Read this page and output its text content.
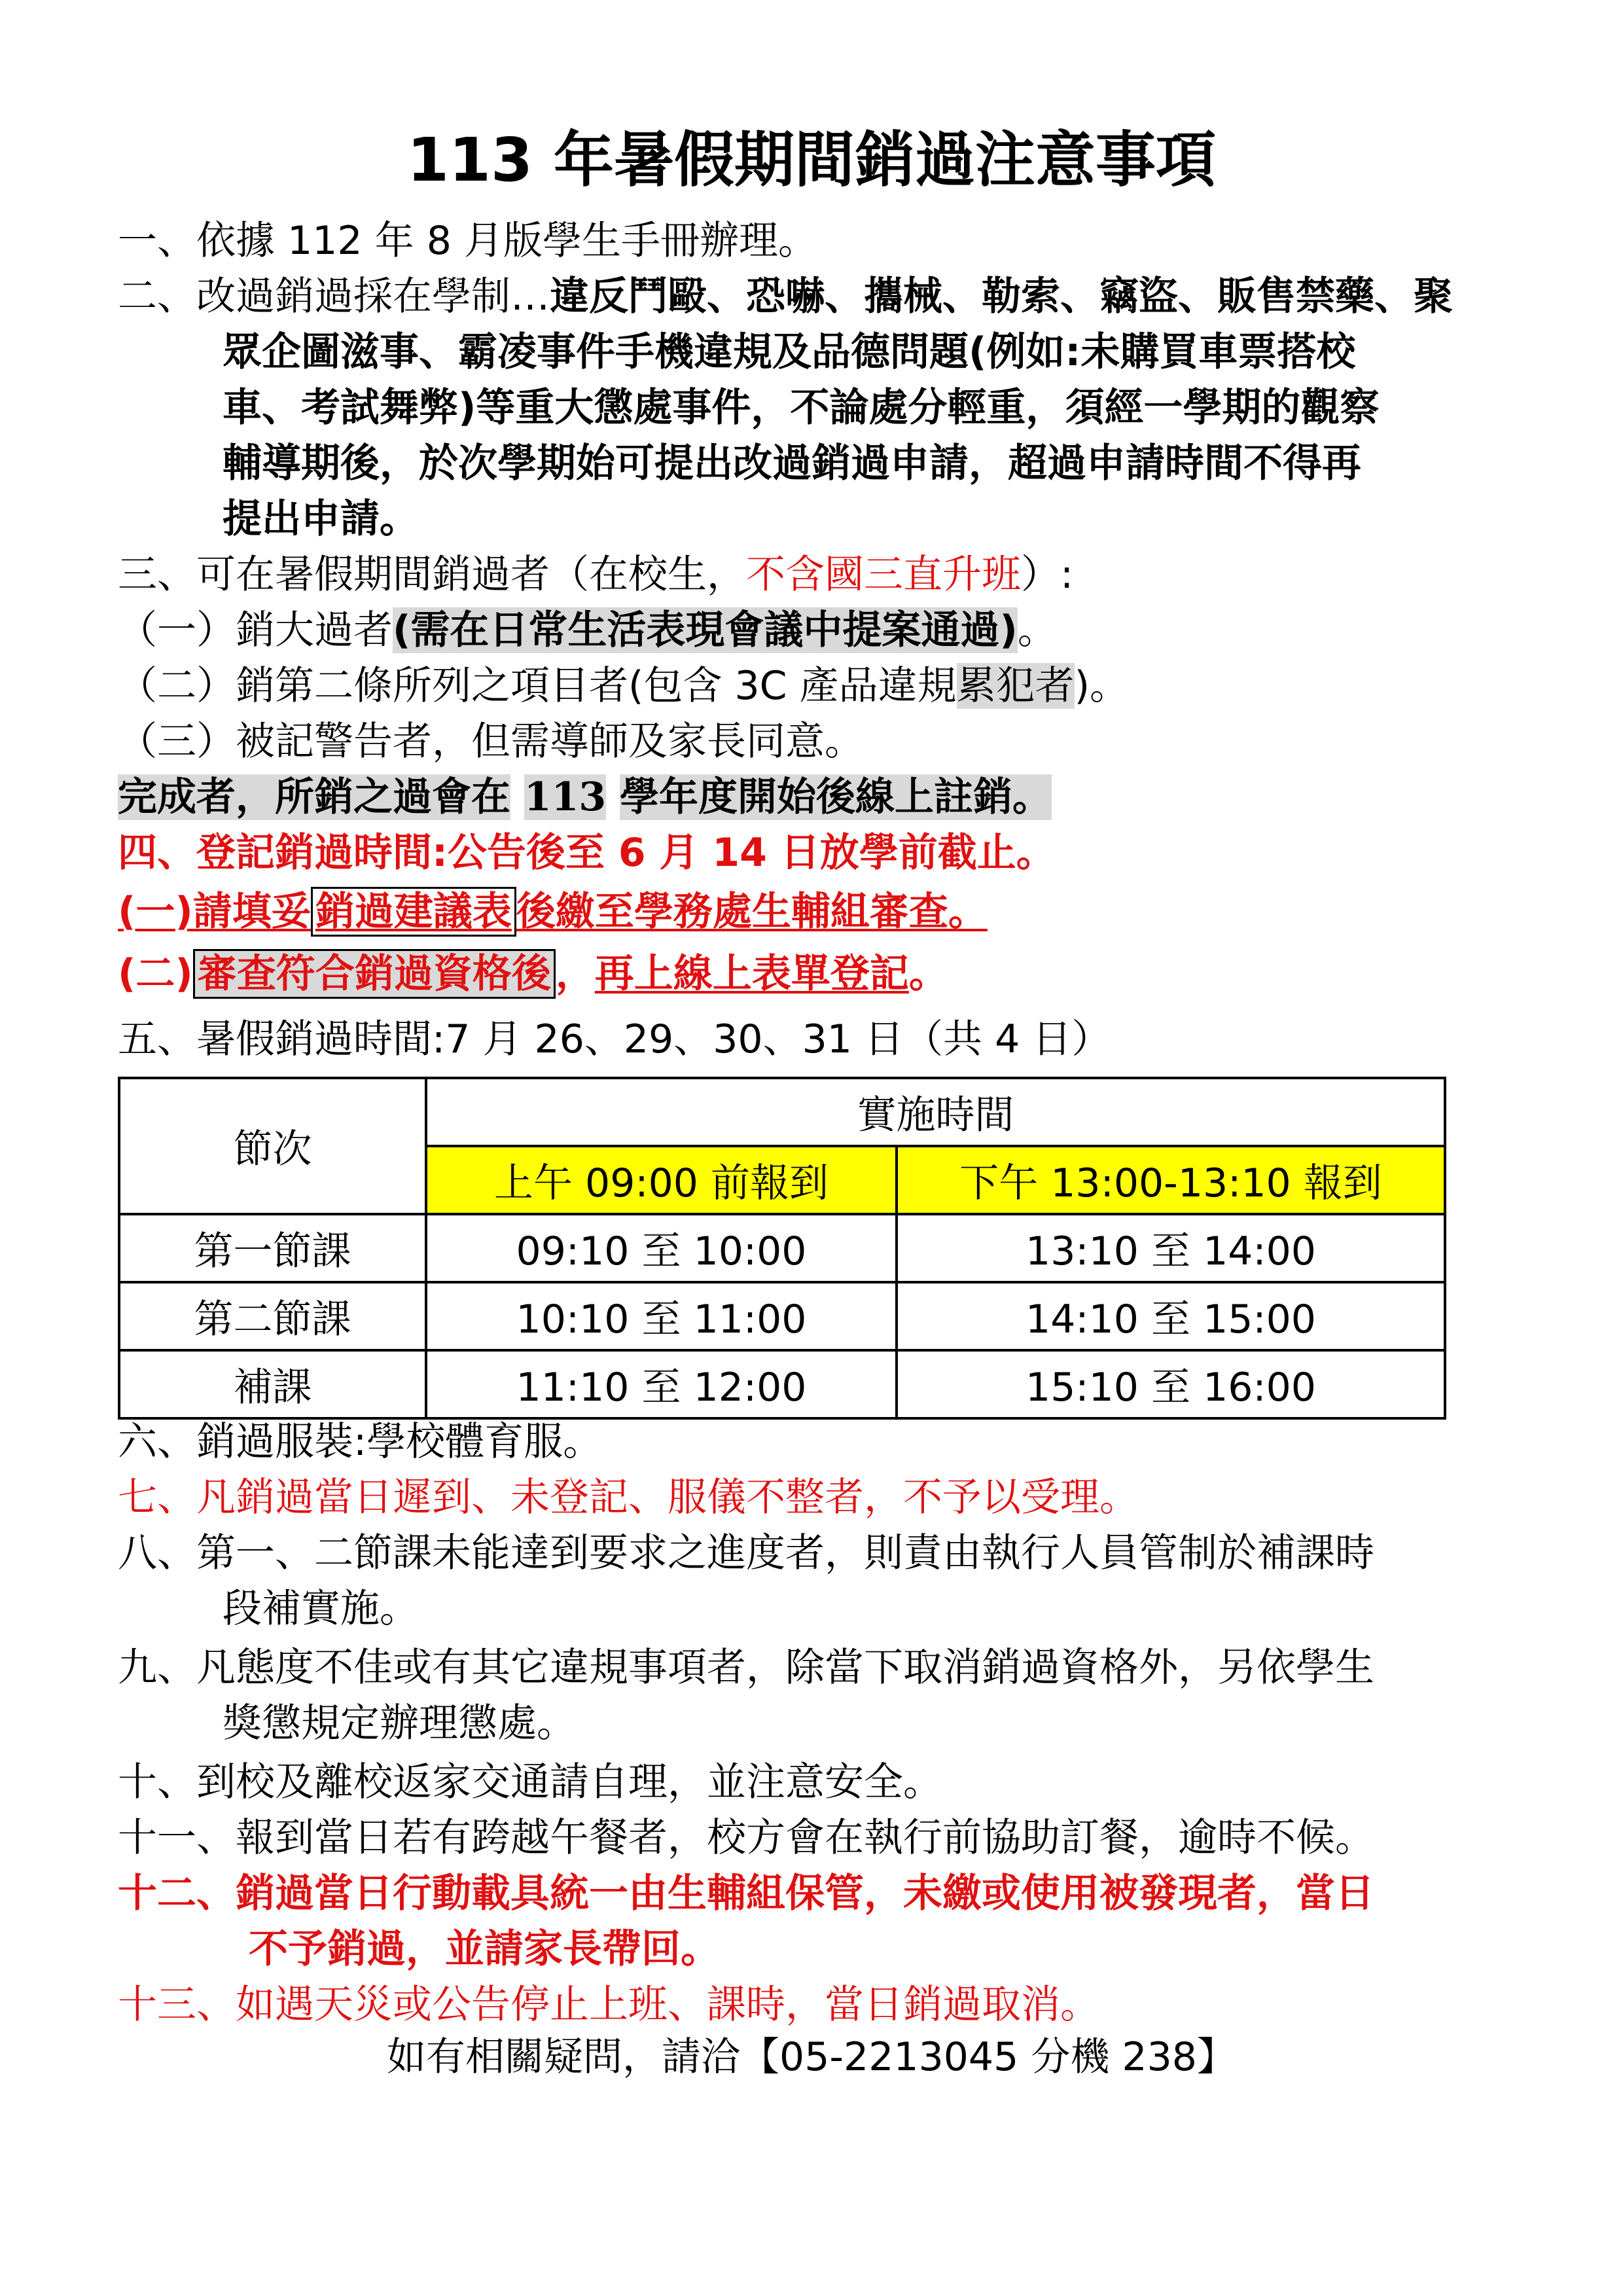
113 年暑假期間銷過注意事項
一、依據 112 年 8 月版學生手冊辦理。
二、改過銷過採在學制…違反鬥毆、恐嚇、攜械、勒索、竊盜、販售禁藥、聚
眾企圖滋事、霸凌事件手機違規及品德問題(例如:未購買車票搭校
車、考試舞弊)等重大懲處事件，不論處分輕重，須經一學期的觀察
輔導期後，於次學期始可提出改過銷過申請，超過申請時間不得再
提出申請。
三、可在暑假期間銷過者（在校生，不含國三直升班）:
（一）銷大過者(需在日常生活表現會議中提案通過)。
（二）銷第二條所列之項目者(包含 3C 產品違規累犯者)。
（三）被記警告者，但需導師及家長同意。
完成者，所銷之過會在 113 學年度開始後線上註銷。
四、登記銷過時間:公告後至 6 月 14 日放學前截止。
(一)請填妥 銷過建議表 後繳至學務處生輔組審查。
(二) 審查符合銷過資格後 ，再上線上表單登記。
五、暑假銷過時間:7 月 26、29、30、31 日（共 4 日）
節次	實施時間	
	上午 09:00 前報到	下午 13:00-13:10 報到
第一節課	09:10 至 10:00	13:10 至 14:00
第二節課	10:10 至 11:00	14:10 至 15:00
補課	11:10 至 12:00	15:10 至 16:00
六、銷過服裝:學校體育服。
七、凡銷過當日遲到、未登記、服儀不整者，不予以受理。
八、第一、二節課未能達到要求之進度者，則責由執行人員管制於補課時
段補實施。
九、凡態度不佳或有其它違規事項者，除當下取消銷過資格外，另依學生
獎懲規定辦理懲處。
十、到校及離校返家交通請自理，並注意安全。
十一、報到當日若有跨越午餐者，校方會在執行前協助訂餐，逾時不候。
十二、銷過當日行動載具統一由生輔組保管，未繳或使用被發現者，當日
不予銷過，並請家長帶回。
十三、如遇天災或公告停止上班、課時，當日銷過取消。
如有相關疑問，請洽【05-2213045 分機 238】
